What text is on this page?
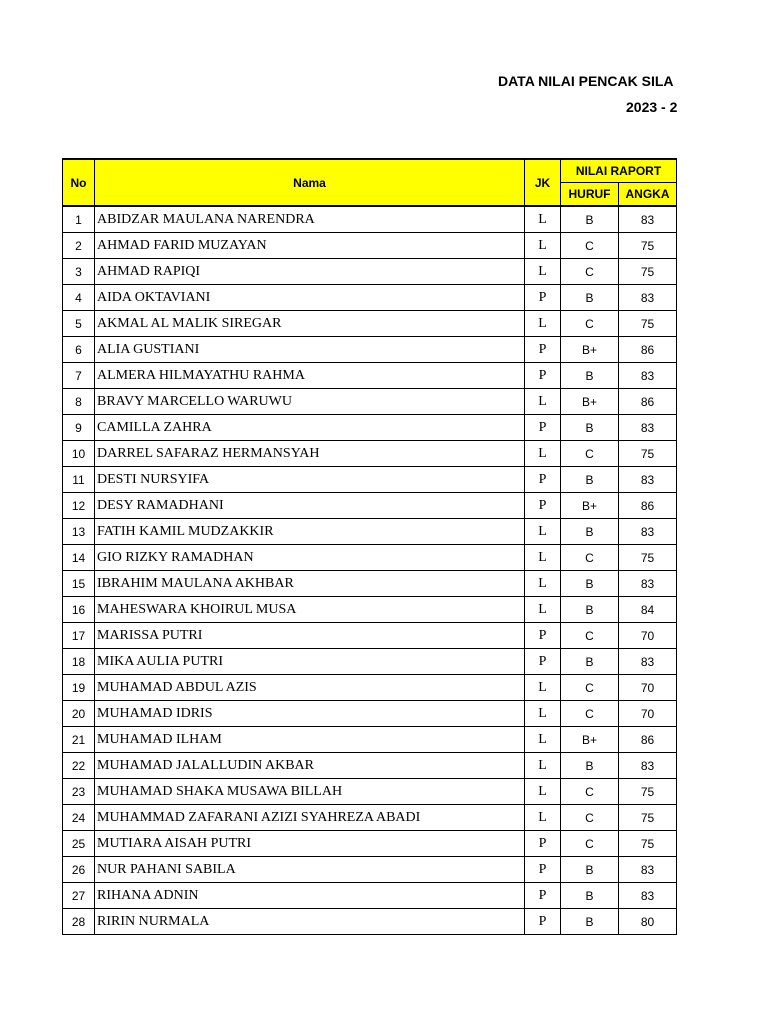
DATA NILAI PENCAK SILA
2023 - 2
No	Nama	JK	NILAI RAPORT	
			HURUF	ANGKA
1	ABIDZAR MAULANA NARENDRA	L	B	83
2	AHMAD FARID MUZAYAN	L	C	75
3	AHMAD RAPIQI	L	C	75
4	AIDA OKTAVIANI	P	B	83
5	AKMAL AL MALIK SIREGAR	L	C	75
6	ALIA GUSTIANI	P	B+	86
7	ALMERA HILMAYATHU RAHMA	P	B	83
8	BRAVY MARCELLO WARUWU	L	B+	86
9	CAMILLA ZAHRA	P	B	83
10	DARREL SAFARAZ HERMANSYAH	L	C	75
11	DESTI NURSYIFA	P	B	83
12	DESY RAMADHANI	P	B+	86
13	FATIH KAMIL MUDZAKKIR	L	B	83
14	GIO RIZKY RAMADHAN	L	C	75
15	IBRAHIM MAULANA AKHBAR	L	B	83
16	MAHESWARA KHOIRUL MUSA	L	B	84
17	MARISSA PUTRI	P	C	70
18	MIKA AULIA PUTRI	P	B	83
19	MUHAMAD ABDUL AZIS	L	C	70
20	MUHAMAD IDRIS	L	C	70
21	MUHAMAD ILHAM	L	B+	86
22	MUHAMAD JALALLUDIN AKBAR	L	B	83
23	MUHAMAD SHAKA MUSAWA BILLAH	L	C	75
24	MUHAMMAD ZAFARANI AZIZI SYAHREZA ABADI	L	C	75
25	MUTIARA AISAH PUTRI	P	C	75
26	NUR PAHANI SABILA	P	B	83
27	RIHANA ADNIN	P	B	83
28	RIRIN NURMALA	P	B	80
